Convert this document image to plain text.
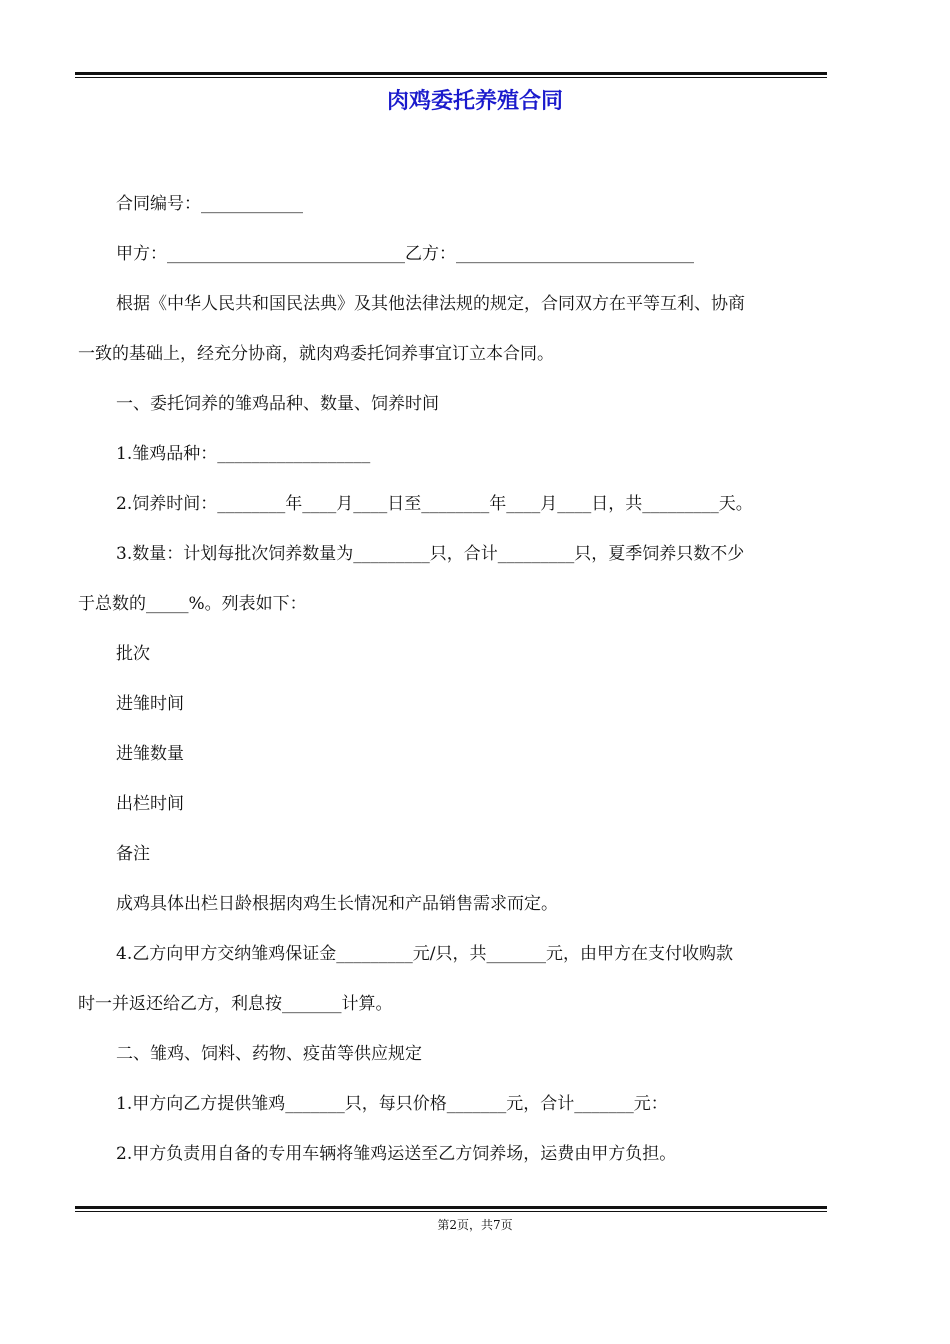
肉鸡委托养殖合同
合同编号：____________
甲方：____________________________乙方：____________________________
根据《中华人民共和国民法典》及其他法律法规的规定，合同双方在平等互利、协商
一致的基础上，经充分协商，就肉鸡委托饲养事宜订立本合同。
一、委托饲养的雏鸡品种、数量、饲养时间
1.雏鸡品种：__________________
2.饲养时间：________年____月____日至________年____月____日，共_________天。
3.数量：计划每批次饲养数量为_________只，合计_________只，夏季饲养只数不少
于总数的_____%。列表如下：
批次
进雏时间
进雏数量
出栏时间
备注
成鸡具体出栏日龄根据肉鸡生长情况和产品销售需求而定。
4.乙方向甲方交纳雏鸡保证金_________元/只，共_______元，由甲方在支付收购款
时一并返还给乙方，利息按_______计算。
二、雏鸡、饲料、药物、疫苗等供应规定
1.甲方向乙方提供雏鸡_______只，每只价格_______元，合计_______元：
2.甲方负责用自备的专用车辆将雏鸡运送至乙方饲养场，运费由甲方负担。
第2页，共7页
